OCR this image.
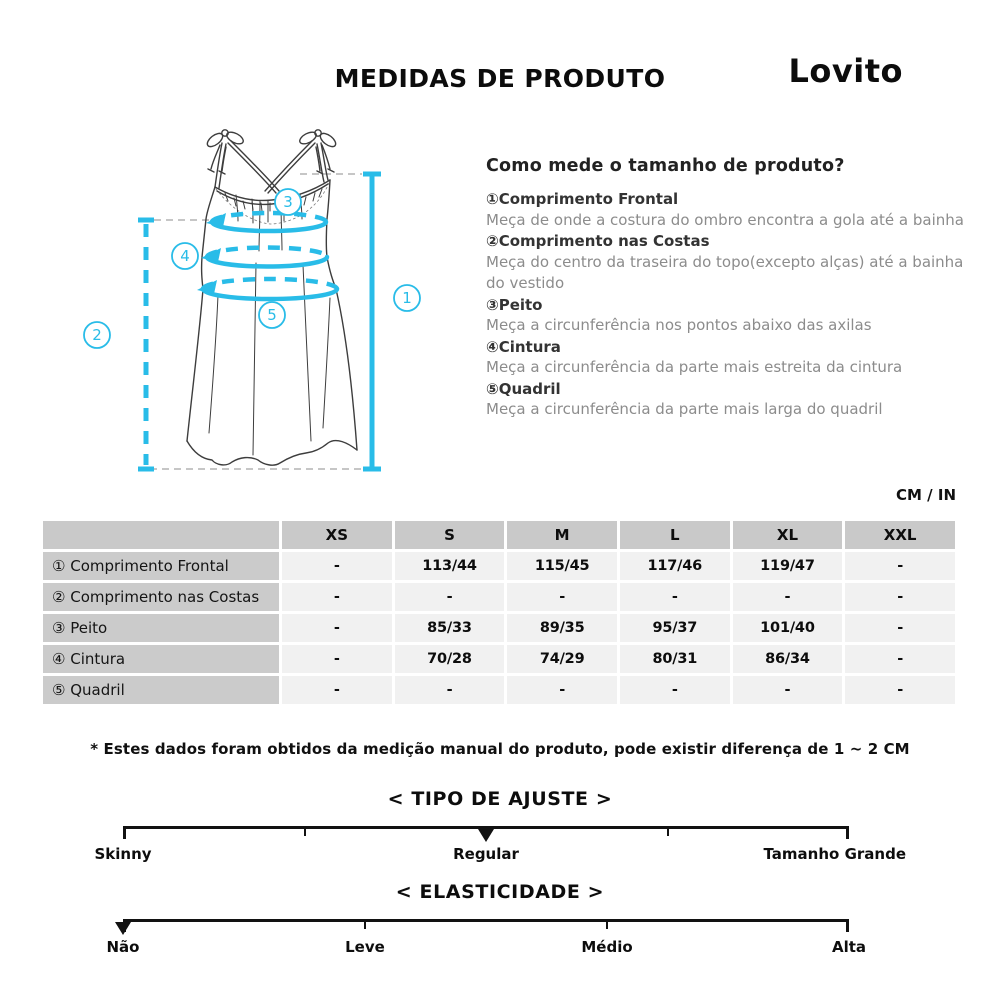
MEDIDAS DE PRODUTO	Lovito
1
2
3
4
5
Como mede o tamanho de produto?
①Comprimento Frontal
Meça de onde a costura do ombro encontra a gola até a bainha
②Comprimento nas Costas
Meça do centro da traseira do topo(excepto alças) até a bainha do vestido
③Peito
Meça a circunferência nos pontos abaixo das axilas
④Cintura
Meça a circunferência da parte mais estreita da cintura
⑤Quadril
Meça a circunferência da parte mais larga do quadril
CM / IN
	XS	S	M	L	XL	XXL
① Comprimento Frontal	-	113/44	115/45	117/46	119/47	-
② Comprimento nas Costas	-	-	-	-	-	-
③ Peito	-	85/33	89/35	95/37	101/40	-
④ Cintura	-	70/28	74/29	80/31	86/34	-
⑤ Quadril	-	-	-	-	-	-

* Estes dados foram obtidos da medição manual do produto, pode existir diferença de 1 ~ 2 CM

< TIPO DE AJUSTE >
Skinny	Regular	Tamanho Grande
< ELASTICIDADE >
Não	Leve	Médio	Alta
